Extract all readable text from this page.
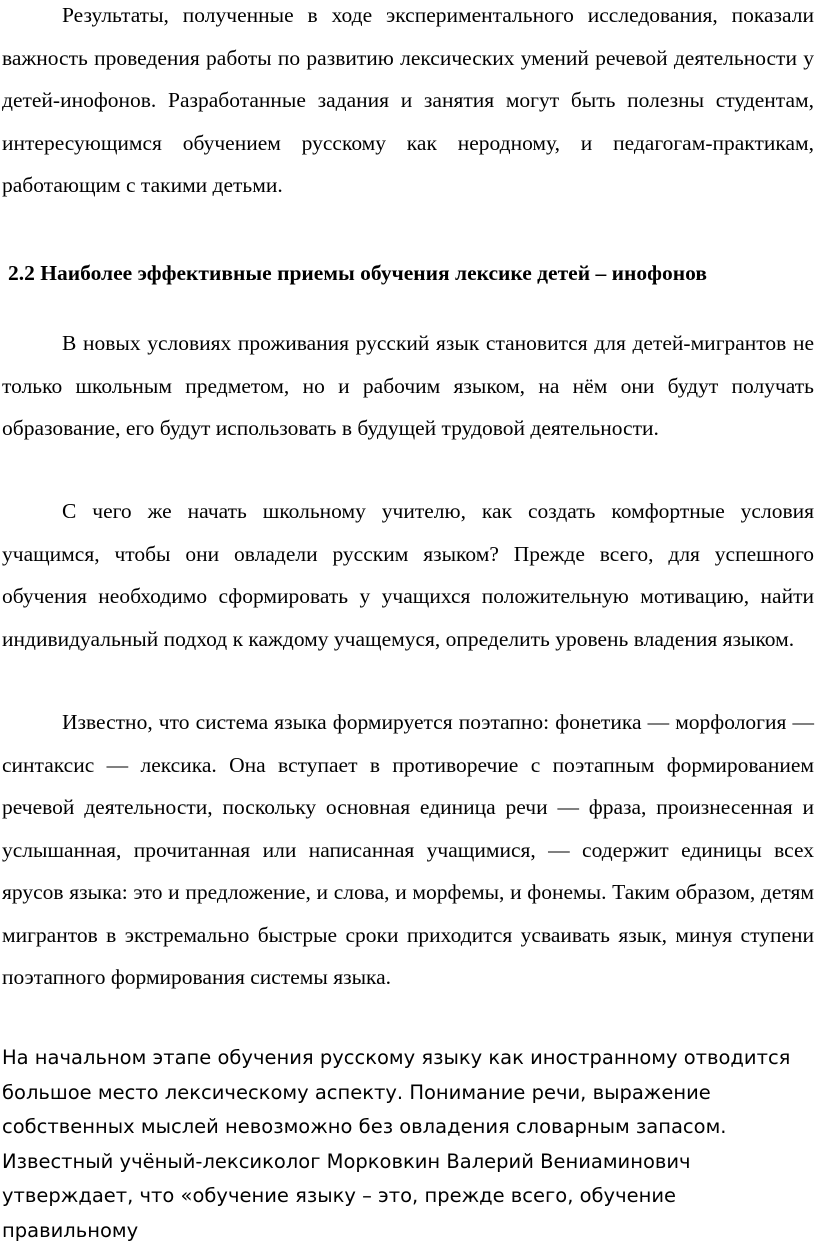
Результаты, полученные в ходе экспериментального исследования, показали важность проведения работы по развитию лексических умений речевой деятельности у детей-инофонов. Разработанные задания и занятия могут быть полезны студентам, интересующимся обучением русскому как неродному, и педагогам-практикам, работающим с такими детьми.

2.2 Наиболее эффективные приемы обучения лексике детей – инофонов

В новых условиях проживания русский язык становится для детей-мигрантов не только школьным предметом, но и рабочим языком, на нём они будут получать образование, его будут использовать в будущей трудовой деятельности.

С чего же начать школьному учителю, как создать комфортные условия учащимся, чтобы они овладели русским языком? Прежде всего, для успешного обучения необходимо сформировать у учащихся положительную мотивацию, найти индивидуальный подход к каждому учащемуся, определить уровень владения языком.

Известно, что система языка формируется поэтапно: фонетика — морфология — синтаксис — лексика. Она вступает в противоречие с поэтапным формированием речевой деятельности, поскольку основная единица речи — фраза, произнесенная и услышанная, прочитанная или написанная учащимися, — содержит единицы всех ярусов языка: это и предложение, и слова, и морфемы, и фонемы. Таким образом, детям мигрантов в экстремально быстрые сроки приходится усваивать язык, минуя ступени поэтапного формирования системы языка.

На начальном этапе обучения русскому языку как иностранному отводится большое место лексическому аспекту. Понимание речи, выражение собственных мыслей невозможно без овладения словарным запасом. Известный учёный-лексиколог Морковкин Валерий Вениаминович утверждает, что «обучение языку – это, прежде всего, обучение правильному
